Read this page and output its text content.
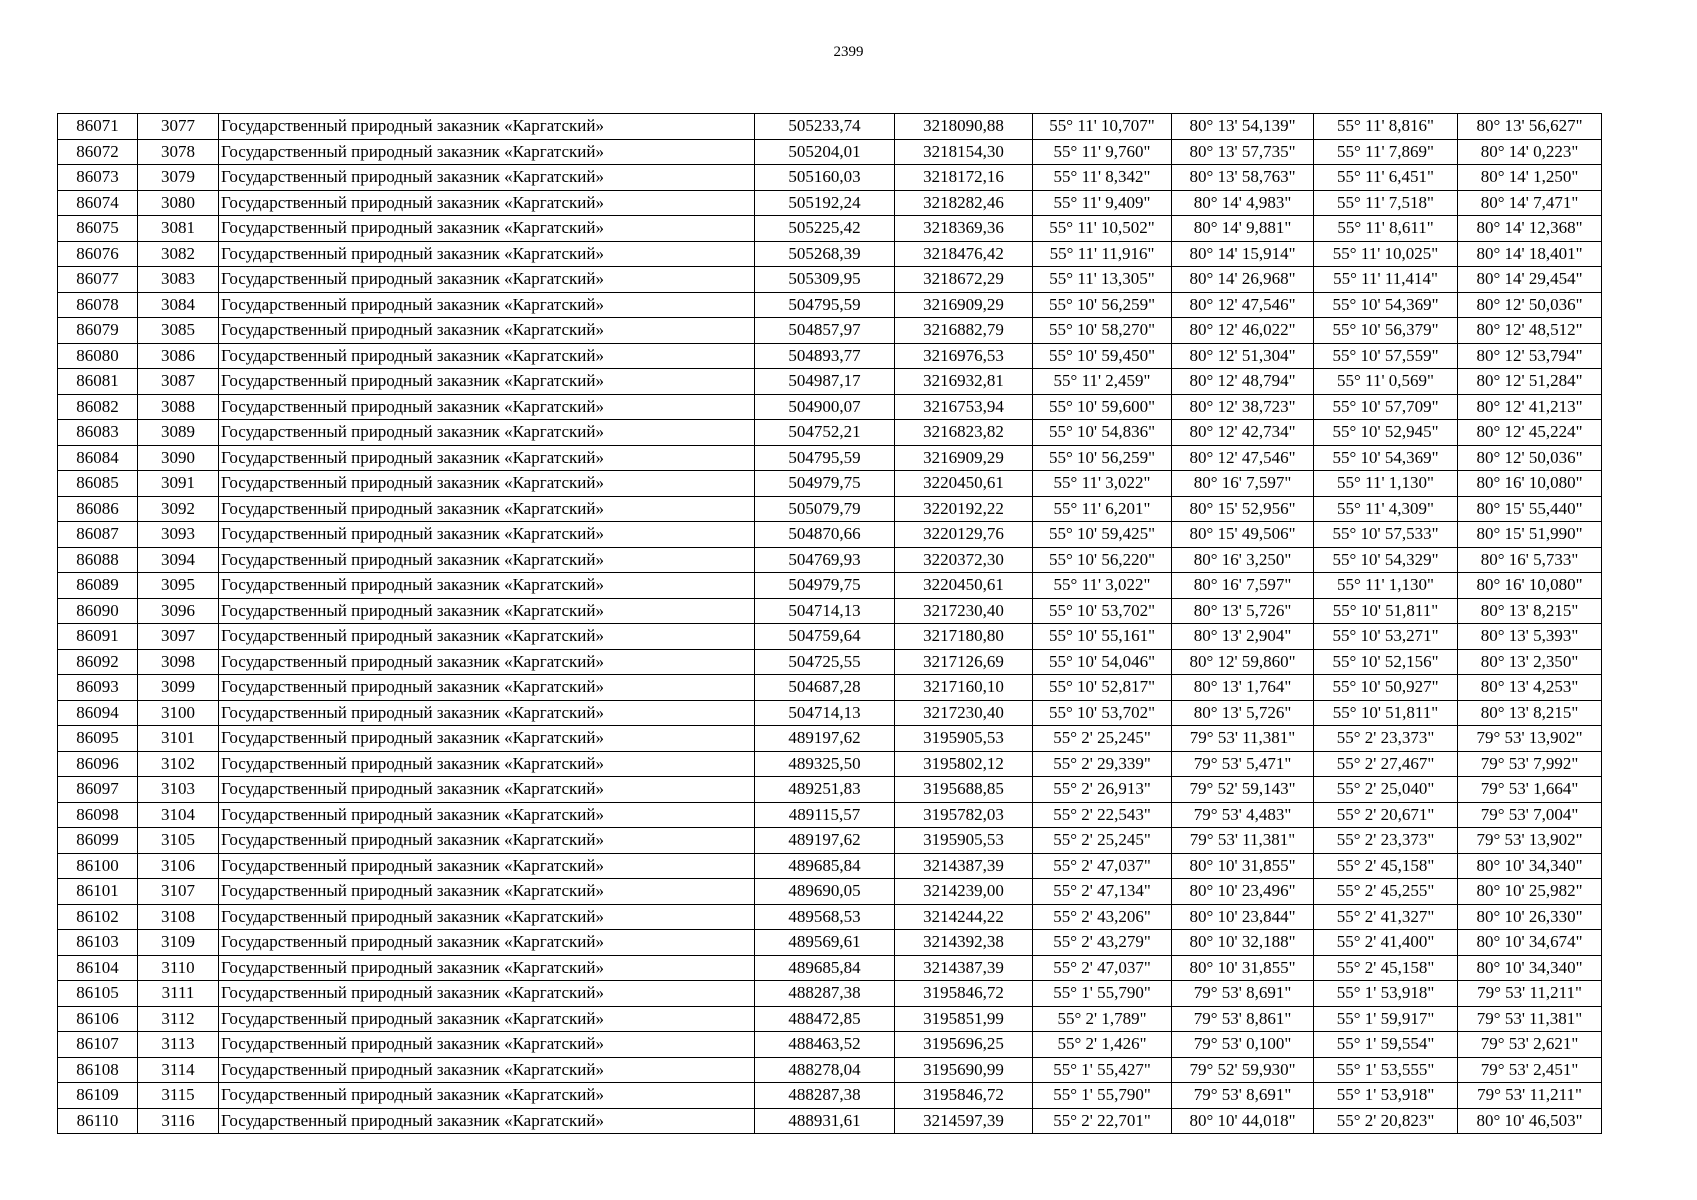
2399
86071	3077	Государственный природный заказник «Каргатский»	505233,74	3218090,88	55° 11' 10,707"	80° 13' 54,139"	55° 11' 8,816"	80° 13' 56,627"
86072	3078	Государственный природный заказник «Каргатский»	505204,01	3218154,30	55° 11' 9,760"	80° 13' 57,735"	55° 11' 7,869"	80° 14' 0,223"
86073	3079	Государственный природный заказник «Каргатский»	505160,03	3218172,16	55° 11' 8,342"	80° 13' 58,763"	55° 11' 6,451"	80° 14' 1,250"
86074	3080	Государственный природный заказник «Каргатский»	505192,24	3218282,46	55° 11' 9,409"	80° 14' 4,983"	55° 11' 7,518"	80° 14' 7,471"
86075	3081	Государственный природный заказник «Каргатский»	505225,42	3218369,36	55° 11' 10,502"	80° 14' 9,881"	55° 11' 8,611"	80° 14' 12,368"
86076	3082	Государственный природный заказник «Каргатский»	505268,39	3218476,42	55° 11' 11,916"	80° 14' 15,914"	55° 11' 10,025"	80° 14' 18,401"
86077	3083	Государственный природный заказник «Каргатский»	505309,95	3218672,29	55° 11' 13,305"	80° 14' 26,968"	55° 11' 11,414"	80° 14' 29,454"
86078	3084	Государственный природный заказник «Каргатский»	504795,59	3216909,29	55° 10' 56,259"	80° 12' 47,546"	55° 10' 54,369"	80° 12' 50,036"
86079	3085	Государственный природный заказник «Каргатский»	504857,97	3216882,79	55° 10' 58,270"	80° 12' 46,022"	55° 10' 56,379"	80° 12' 48,512"
86080	3086	Государственный природный заказник «Каргатский»	504893,77	3216976,53	55° 10' 59,450"	80° 12' 51,304"	55° 10' 57,559"	80° 12' 53,794"
86081	3087	Государственный природный заказник «Каргатский»	504987,17	3216932,81	55° 11' 2,459"	80° 12' 48,794"	55° 11' 0,569"	80° 12' 51,284"
86082	3088	Государственный природный заказник «Каргатский»	504900,07	3216753,94	55° 10' 59,600"	80° 12' 38,723"	55° 10' 57,709"	80° 12' 41,213"
86083	3089	Государственный природный заказник «Каргатский»	504752,21	3216823,82	55° 10' 54,836"	80° 12' 42,734"	55° 10' 52,945"	80° 12' 45,224"
86084	3090	Государственный природный заказник «Каргатский»	504795,59	3216909,29	55° 10' 56,259"	80° 12' 47,546"	55° 10' 54,369"	80° 12' 50,036"
86085	3091	Государственный природный заказник «Каргатский»	504979,75	3220450,61	55° 11' 3,022"	80° 16' 7,597"	55° 11' 1,130"	80° 16' 10,080"
86086	3092	Государственный природный заказник «Каргатский»	505079,79	3220192,22	55° 11' 6,201"	80° 15' 52,956"	55° 11' 4,309"	80° 15' 55,440"
86087	3093	Государственный природный заказник «Каргатский»	504870,66	3220129,76	55° 10' 59,425"	80° 15' 49,506"	55° 10' 57,533"	80° 15' 51,990"
86088	3094	Государственный природный заказник «Каргатский»	504769,93	3220372,30	55° 10' 56,220"	80° 16' 3,250"	55° 10' 54,329"	80° 16' 5,733"
86089	3095	Государственный природный заказник «Каргатский»	504979,75	3220450,61	55° 11' 3,022"	80° 16' 7,597"	55° 11' 1,130"	80° 16' 10,080"
86090	3096	Государственный природный заказник «Каргатский»	504714,13	3217230,40	55° 10' 53,702"	80° 13' 5,726"	55° 10' 51,811"	80° 13' 8,215"
86091	3097	Государственный природный заказник «Каргатский»	504759,64	3217180,80	55° 10' 55,161"	80° 13' 2,904"	55° 10' 53,271"	80° 13' 5,393"
86092	3098	Государственный природный заказник «Каргатский»	504725,55	3217126,69	55° 10' 54,046"	80° 12' 59,860"	55° 10' 52,156"	80° 13' 2,350"
86093	3099	Государственный природный заказник «Каргатский»	504687,28	3217160,10	55° 10' 52,817"	80° 13' 1,764"	55° 10' 50,927"	80° 13' 4,253"
86094	3100	Государственный природный заказник «Каргатский»	504714,13	3217230,40	55° 10' 53,702"	80° 13' 5,726"	55° 10' 51,811"	80° 13' 8,215"
86095	3101	Государственный природный заказник «Каргатский»	489197,62	3195905,53	55° 2' 25,245"	79° 53' 11,381"	55° 2' 23,373"	79° 53' 13,902"
86096	3102	Государственный природный заказник «Каргатский»	489325,50	3195802,12	55° 2' 29,339"	79° 53' 5,471"	55° 2' 27,467"	79° 53' 7,992"
86097	3103	Государственный природный заказник «Каргатский»	489251,83	3195688,85	55° 2' 26,913"	79° 52' 59,143"	55° 2' 25,040"	79° 53' 1,664"
86098	3104	Государственный природный заказник «Каргатский»	489115,57	3195782,03	55° 2' 22,543"	79° 53' 4,483"	55° 2' 20,671"	79° 53' 7,004"
86099	3105	Государственный природный заказник «Каргатский»	489197,62	3195905,53	55° 2' 25,245"	79° 53' 11,381"	55° 2' 23,373"	79° 53' 13,902"
86100	3106	Государственный природный заказник «Каргатский»	489685,84	3214387,39	55° 2' 47,037"	80° 10' 31,855"	55° 2' 45,158"	80° 10' 34,340"
86101	3107	Государственный природный заказник «Каргатский»	489690,05	3214239,00	55° 2' 47,134"	80° 10' 23,496"	55° 2' 45,255"	80° 10' 25,982"
86102	3108	Государственный природный заказник «Каргатский»	489568,53	3214244,22	55° 2' 43,206"	80° 10' 23,844"	55° 2' 41,327"	80° 10' 26,330"
86103	3109	Государственный природный заказник «Каргатский»	489569,61	3214392,38	55° 2' 43,279"	80° 10' 32,188"	55° 2' 41,400"	80° 10' 34,674"
86104	3110	Государственный природный заказник «Каргатский»	489685,84	3214387,39	55° 2' 47,037"	80° 10' 31,855"	55° 2' 45,158"	80° 10' 34,340"
86105	3111	Государственный природный заказник «Каргатский»	488287,38	3195846,72	55° 1' 55,790"	79° 53' 8,691"	55° 1' 53,918"	79° 53' 11,211"
86106	3112	Государственный природный заказник «Каргатский»	488472,85	3195851,99	55° 2' 1,789"	79° 53' 8,861"	55° 1' 59,917"	79° 53' 11,381"
86107	3113	Государственный природный заказник «Каргатский»	488463,52	3195696,25	55° 2' 1,426"	79° 53' 0,100"	55° 1' 59,554"	79° 53' 2,621"
86108	3114	Государственный природный заказник «Каргатский»	488278,04	3195690,99	55° 1' 55,427"	79° 52' 59,930"	55° 1' 53,555"	79° 53' 2,451"
86109	3115	Государственный природный заказник «Каргатский»	488287,38	3195846,72	55° 1' 55,790"	79° 53' 8,691"	55° 1' 53,918"	79° 53' 11,211"
86110	3116	Государственный природный заказник «Каргатский»	488931,61	3214597,39	55° 2' 22,701"	80° 10' 44,018"	55° 2' 20,823"	80° 10' 46,503"
